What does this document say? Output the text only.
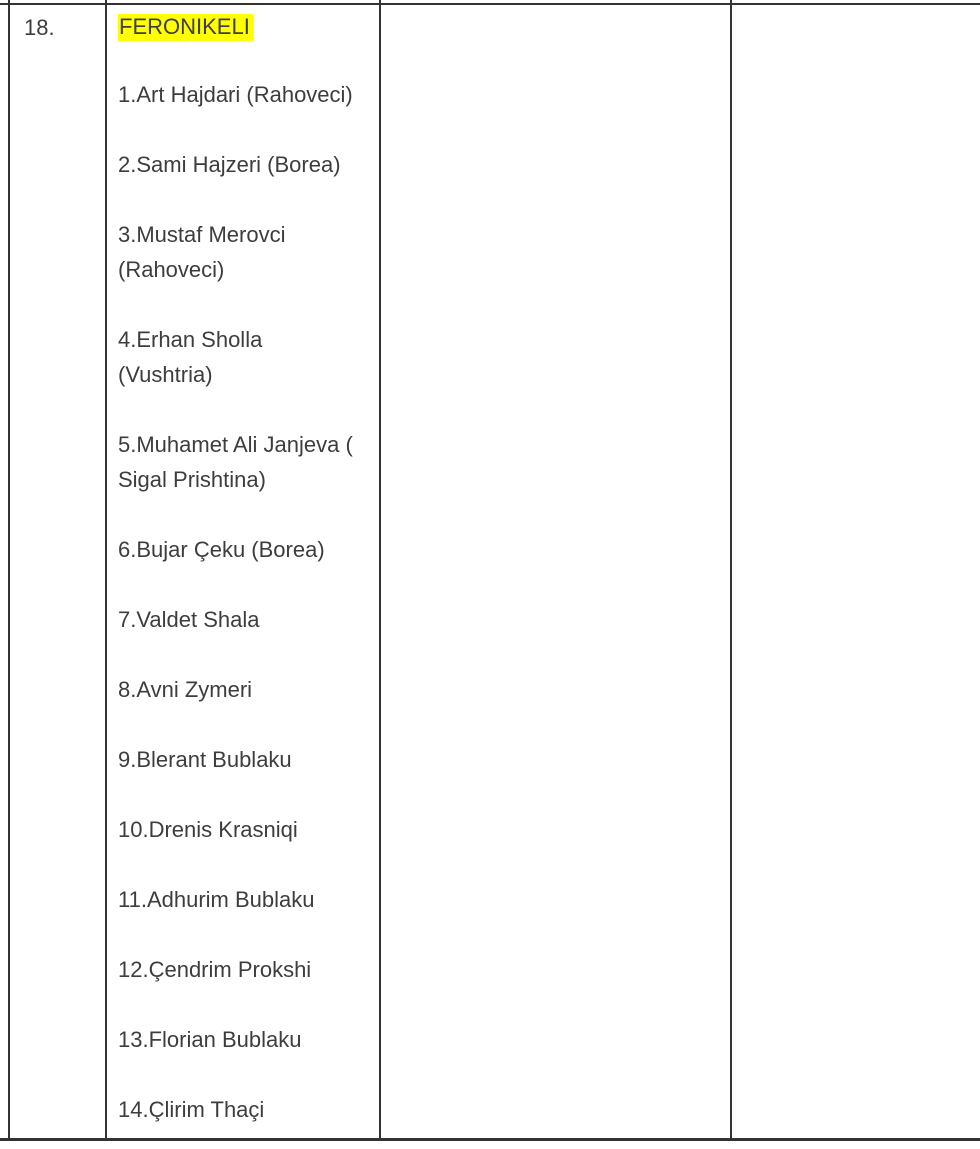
18.	FERONIKELI
1.Art Hajdari (Rahoveci)
2.Sami Hajzeri (Borea)
3.Mustaf Merovci
(Rahoveci)
4.Erhan Sholla
(Vushtria)
5.Muhamet Ali Janjeva (
Sigal Prishtina)
6.Bujar Çeku (Borea)
7.Valdet Shala
8.Avni Zymeri
9.Blerant Bublaku
10.Drenis Krasniqi
11.Adhurim Bublaku
12.Çendrim Prokshi
13.Florian Bublaku
14.Çlirim Thaçi
